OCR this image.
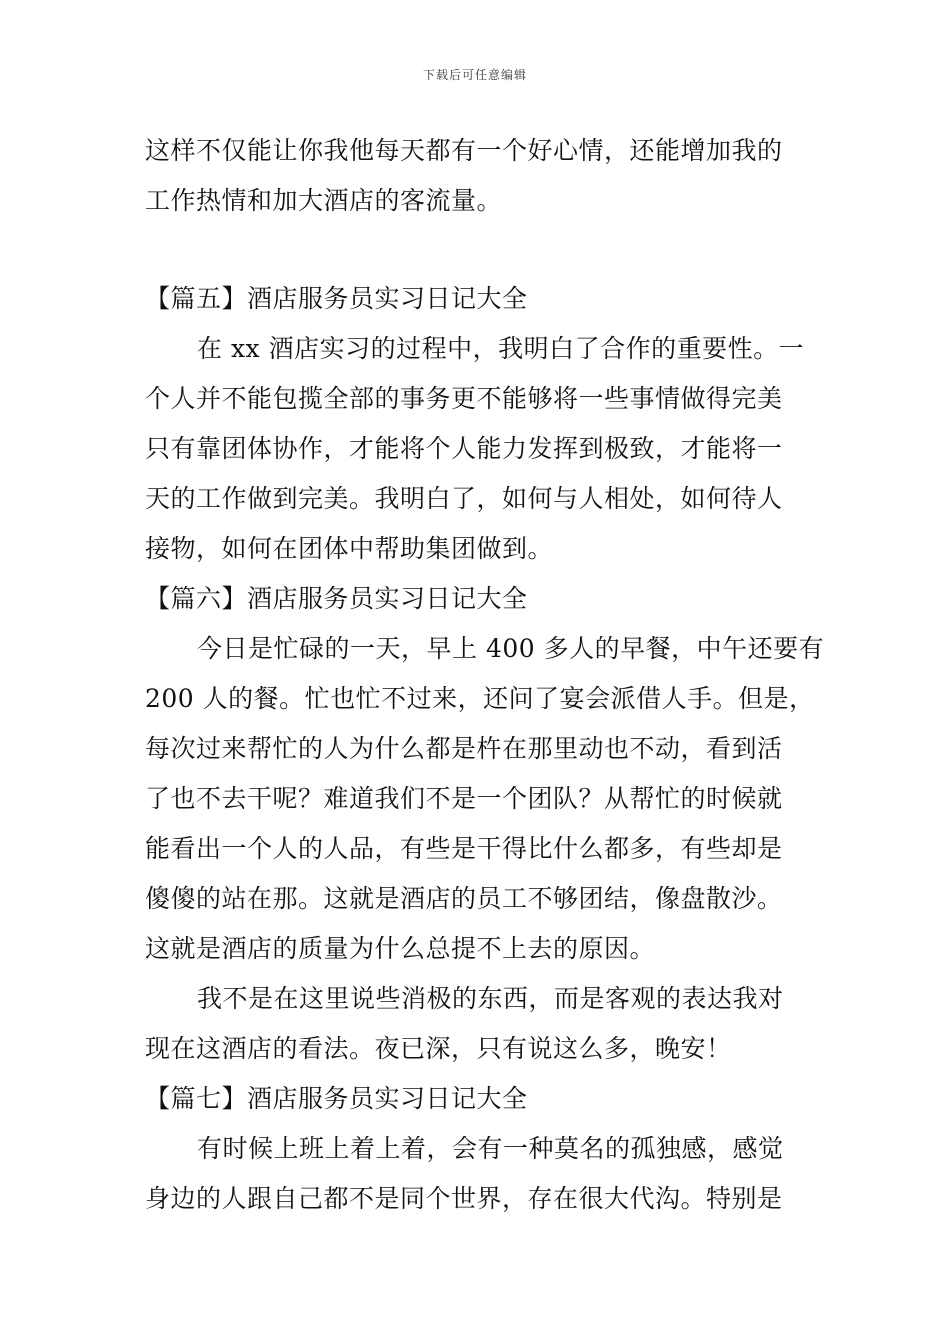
下载后可任意编辑
这样不仅能让你我他每天都有一个好心情，还能增加我的
工作热情和加大酒店的客流量。
【篇五】酒店服务员实习日记大全
在 xx 酒店实习的过程中，我明白了合作的重要性。一
个人并不能包揽全部的事务更不能够将一些事情做得完美
只有靠团体协作，才能将个人能力发挥到极致，才能将一
天的工作做到完美。我明白了，如何与人相处，如何待人
接物，如何在团体中帮助集团做到。
【篇六】酒店服务员实习日记大全
今日是忙碌的一天，早上 400 多人的早餐，中午还要有
200 人的餐。忙也忙不过来，还问了宴会派借人手。但是，
每次过来帮忙的人为什么都是杵在那里动也不动，看到活
了也不去干呢？难道我们不是一个团队？从帮忙的时候就
能看出一个人的人品，有些是干得比什么都多，有些却是
傻傻的站在那。这就是酒店的员工不够团结，像盘散沙。
这就是酒店的质量为什么总提不上去的原因。
我不是在这里说些消极的东西，而是客观的表达我对
现在这酒店的看法。夜已深，只有说这么多，晚安！
【篇七】酒店服务员实习日记大全
有时候上班上着上着，会有一种莫名的孤独感，感觉
身边的人跟自己都不是同个世界，存在很大代沟。特别是
